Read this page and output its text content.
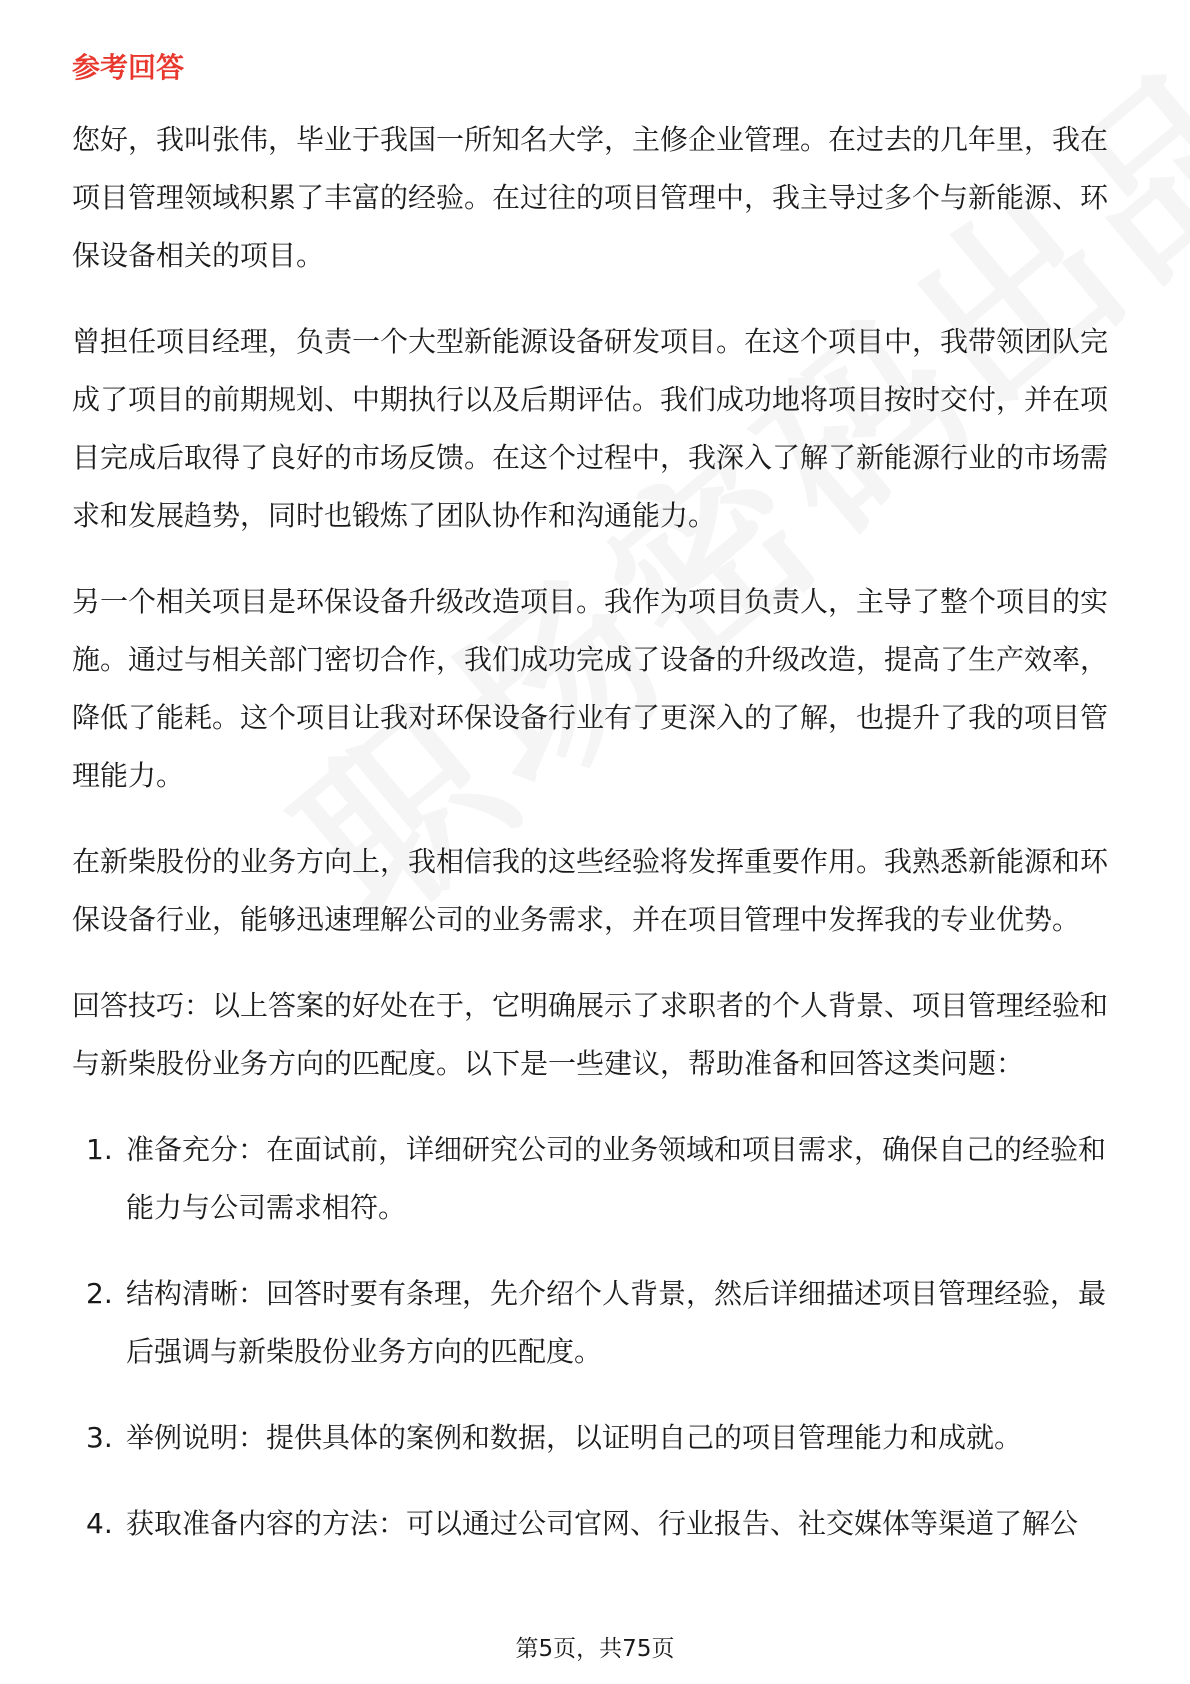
参考回答

您好，我叫张伟，毕业于我国一所知名大学，主修企业管理。在过去的几年里，我在项目管理领域积累了丰富的经验。在过往的项目管理中，我主导过多个与新能源、环保设备相关的项目。

曾担任项目经理，负责一个大型新能源设备研发项目。在这个项目中，我带领团队完成了项目的前期规划、中期执行以及后期评估。我们成功地将项目按时交付，并在项目完成后取得了良好的市场反馈。在这个过程中，我深入了解了新能源行业的市场需求和发展趋势，同时也锻炼了团队协作和沟通能力。

另一个相关项目是环保设备升级改造项目。我作为项目负责人，主导了整个项目的实施。通过与相关部门密切合作，我们成功完成了设备的升级改造，提高了生产效率，降低了能耗。这个项目让我对环保设备行业有了更深入的了解，也提升了我的项目管理能力。

在新柴股份的业务方向上，我相信我的这些经验将发挥重要作用。我熟悉新能源和环保设备行业，能够迅速理解公司的业务需求，并在项目管理中发挥我的专业优势。

回答技巧：以上答案的好处在于，它明确展示了求职者的个人背景、项目管理经验和与新柴股份业务方向的匹配度。以下是一些建议，帮助准备和回答这类问题：

1. 准备充分：在面试前，详细研究公司的业务领域和项目需求，确保自己的经验和能力与公司需求相符。
2. 结构清晰：回答时要有条理，先介绍个人背景，然后详细描述项目管理经验，最后强调与新柴股份业务方向的匹配度。
3. 举例说明：提供具体的案例和数据，以证明自己的项目管理能力和成就。
4. 获取准备内容的方法：可以通过公司官网、行业报告、社交媒体等渠道了解公
第5页，共75页
